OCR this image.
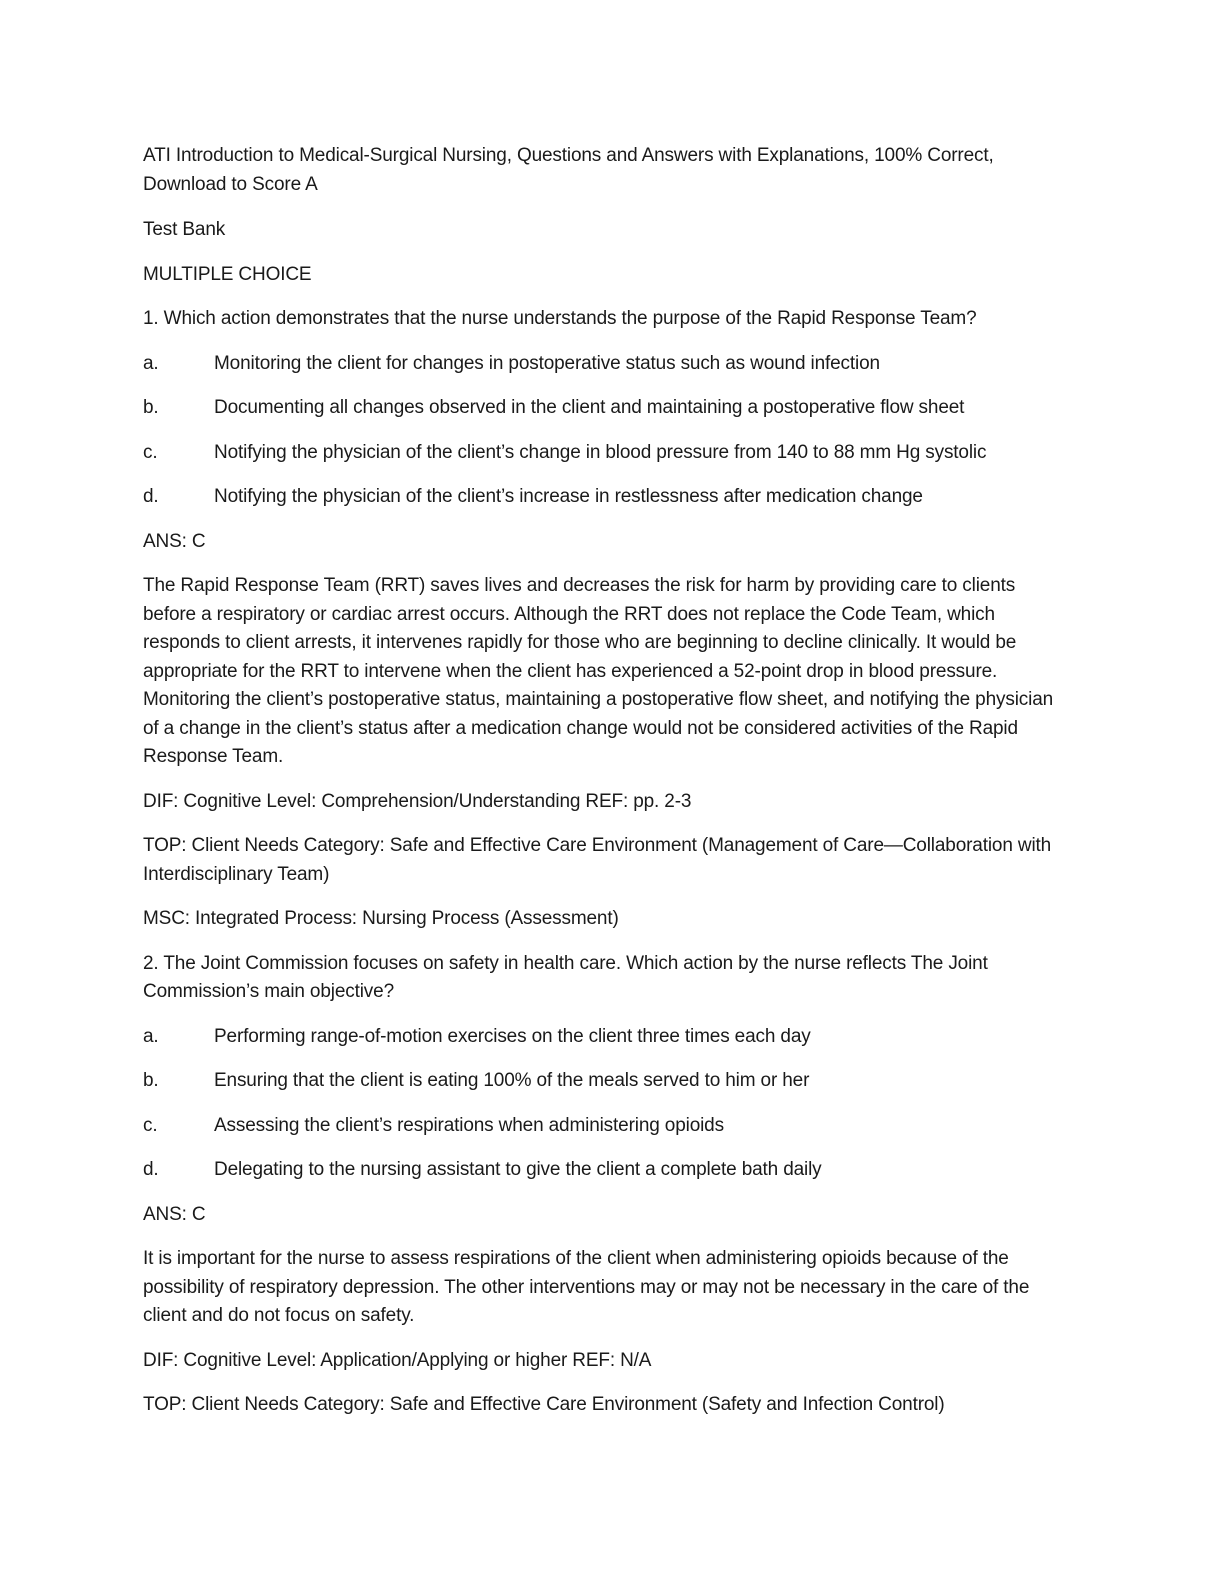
ATI Introduction to Medical-Surgical Nursing, Questions and Answers with Explanations, 100% Correct, Download to Score A

Test Bank

MULTIPLE CHOICE

1. Which action demonstrates that the nurse understands the purpose of the Rapid Response Team?

a.	Monitoring the client for changes in postoperative status such as wound infection
b.	Documenting all changes observed in the client and maintaining a postoperative flow sheet
c.	Notifying the physician of the client’s change in blood pressure from 140 to 88 mm Hg systolic
d.	Notifying the physician of the client’s increase in restlessness after medication change

ANS: C

The Rapid Response Team (RRT) saves lives and decreases the risk for harm by providing care to clients before a respiratory or cardiac arrest occurs. Although the RRT does not replace the Code Team, which responds to client arrests, it intervenes rapidly for those who are beginning to decline clinically. It would be appropriate for the RRT to intervene when the client has experienced a 52-point drop in blood pressure. Monitoring the client’s postoperative status, maintaining a postoperative flow sheet, and notifying the physician of a change in the client’s status after a medication change would not be considered activities of the Rapid Response Team.

DIF: Cognitive Level: Comprehension/Understanding REF: pp. 2-3

TOP: Client Needs Category: Safe and Effective Care Environment (Management of Care—Collaboration with Interdisciplinary Team)

MSC: Integrated Process: Nursing Process (Assessment)

2. The Joint Commission focuses on safety in health care. Which action by the nurse reflects The Joint Commission’s main objective?

a.	Performing range-of-motion exercises on the client three times each day
b.	Ensuring that the client is eating 100% of the meals served to him or her
c.	Assessing the client’s respirations when administering opioids
d.	Delegating to the nursing assistant to give the client a complete bath daily

ANS: C

It is important for the nurse to assess respirations of the client when administering opioids because of the possibility of respiratory depression. The other interventions may or may not be necessary in the care of the client and do not focus on safety.

DIF: Cognitive Level: Application/Applying or higher REF: N/A

TOP: Client Needs Category: Safe and Effective Care Environment (Safety and Infection Control)
